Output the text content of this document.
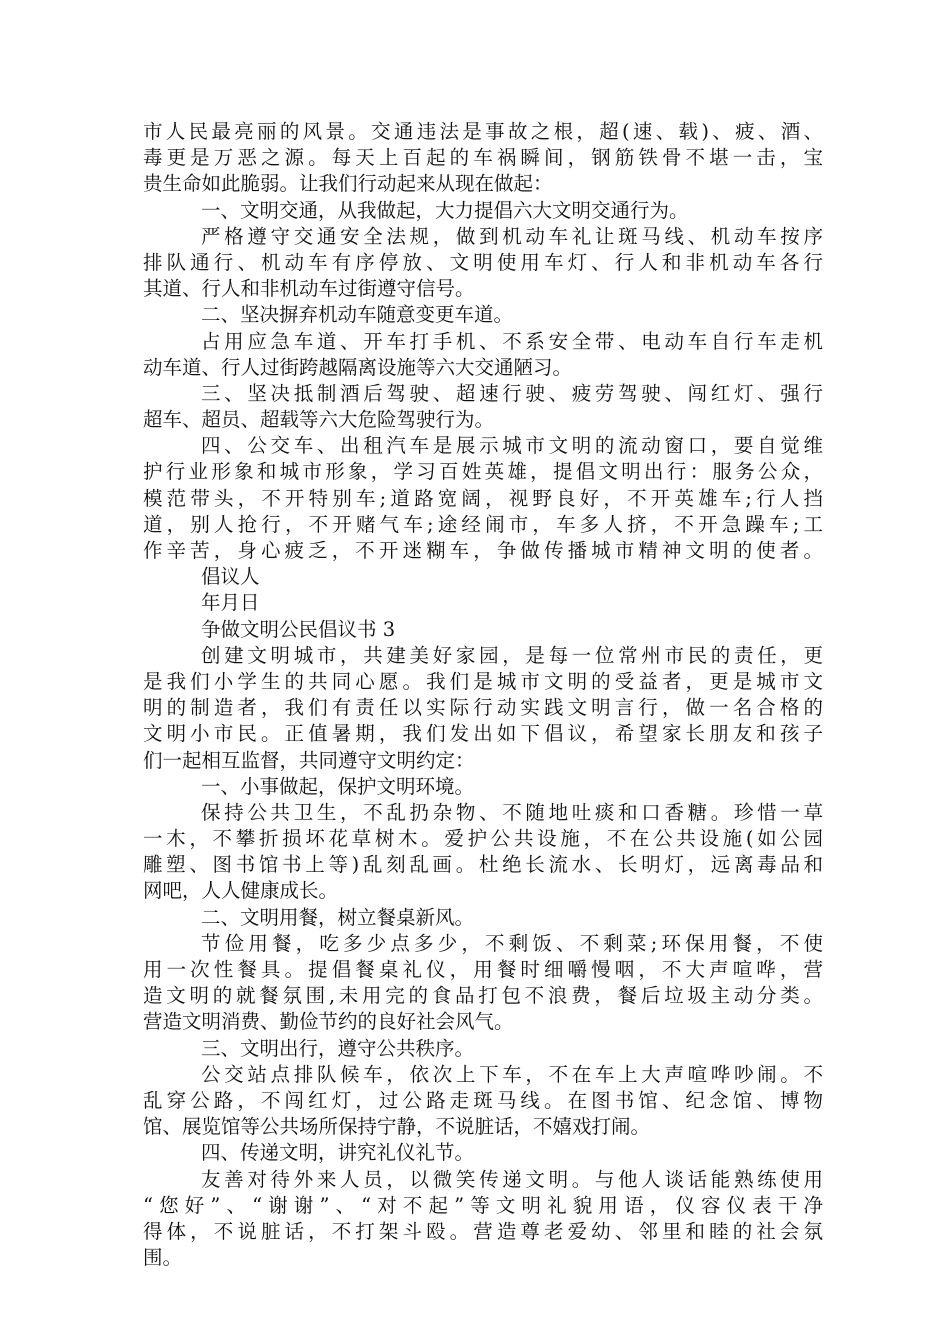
市人民最亮丽的风景。交通违法是事故之根，超(速、载)、疲、酒、
毒更是万恶之源。每天上百起的车祸瞬间，钢筋铁骨不堪一击，宝
贵生命如此脆弱。让我们行动起来从现在做起：
一、文明交通，从我做起，大力提倡六大文明交通行为。
严格遵守交通安全法规，做到机动车礼让斑马线、机动车按序
排队通行、机动车有序停放、文明使用车灯、行人和非机动车各行
其道、行人和非机动车过街遵守信号。
二、坚决摒弃机动车随意变更车道。
占用应急车道、开车打手机、不系安全带、电动车自行车走机
动车道、行人过街跨越隔离设施等六大交通陋习。
三、坚决抵制酒后驾驶、超速行驶、疲劳驾驶、闯红灯、强行
超车、超员、超载等六大危险驾驶行为。
四、公交车、出租汽车是展示城市文明的流动窗口，要自觉维
护行业形象和城市形象，学习百姓英雄，提倡文明出行：服务公众，
模范带头，不开特别车;道路宽阔，视野良好，不开英雄车;行人挡
道，别人抢行，不开赌气车;途经闹市，车多人挤，不开急躁车;工
作辛苦，身心疲乏，不开迷糊车，争做传播城市精神文明的使者。
倡议人
年月日
争做文明公民倡议书 3
创建文明城市，共建美好家园，是每一位常州市民的责任，更
是我们小学生的共同心愿。我们是城市文明的受益者，更是城市文
明的制造者，我们有责任以实际行动实践文明言行，做一名合格的
文明小市民。正值暑期，我们发出如下倡议，希望家长朋友和孩子
们一起相互监督，共同遵守文明约定：
一、小事做起，保护文明环境。
保持公共卫生，不乱扔杂物、不随地吐痰和口香糖。珍惜一草
一木，不攀折损坏花草树木。爱护公共设施，不在公共设施(如公园
雕塑、图书馆书上等)乱刻乱画。杜绝长流水、长明灯，远离毒品和
网吧，人人健康成长。
二、文明用餐，树立餐桌新风。
节俭用餐，吃多少点多少，不剩饭、不剩菜;环保用餐，不使
用一次性餐具。提倡餐桌礼仪，用餐时细嚼慢咽，不大声喧哗，营
造文明的就餐氛围,未用完的食品打包不浪费，餐后垃圾主动分类。
营造文明消费、勤俭节约的良好社会风气。
三、文明出行，遵守公共秩序。
公交站点排队候车，依次上下车，不在车上大声喧哗吵闹。不
乱穿公路，不闯红灯，过公路走斑马线。在图书馆、纪念馆、博物
馆、展览馆等公共场所保持宁静，不说脏话，不嬉戏打闹。
四、传递文明，讲究礼仪礼节。
友善对待外来人员，以微笑传递文明。与他人谈话能熟练使用
“您好”、“谢谢”、“对不起”等文明礼貌用语，仪容仪表干净
得体，不说脏话，不打架斗殴。营造尊老爱幼、邻里和睦的社会氛
围。
